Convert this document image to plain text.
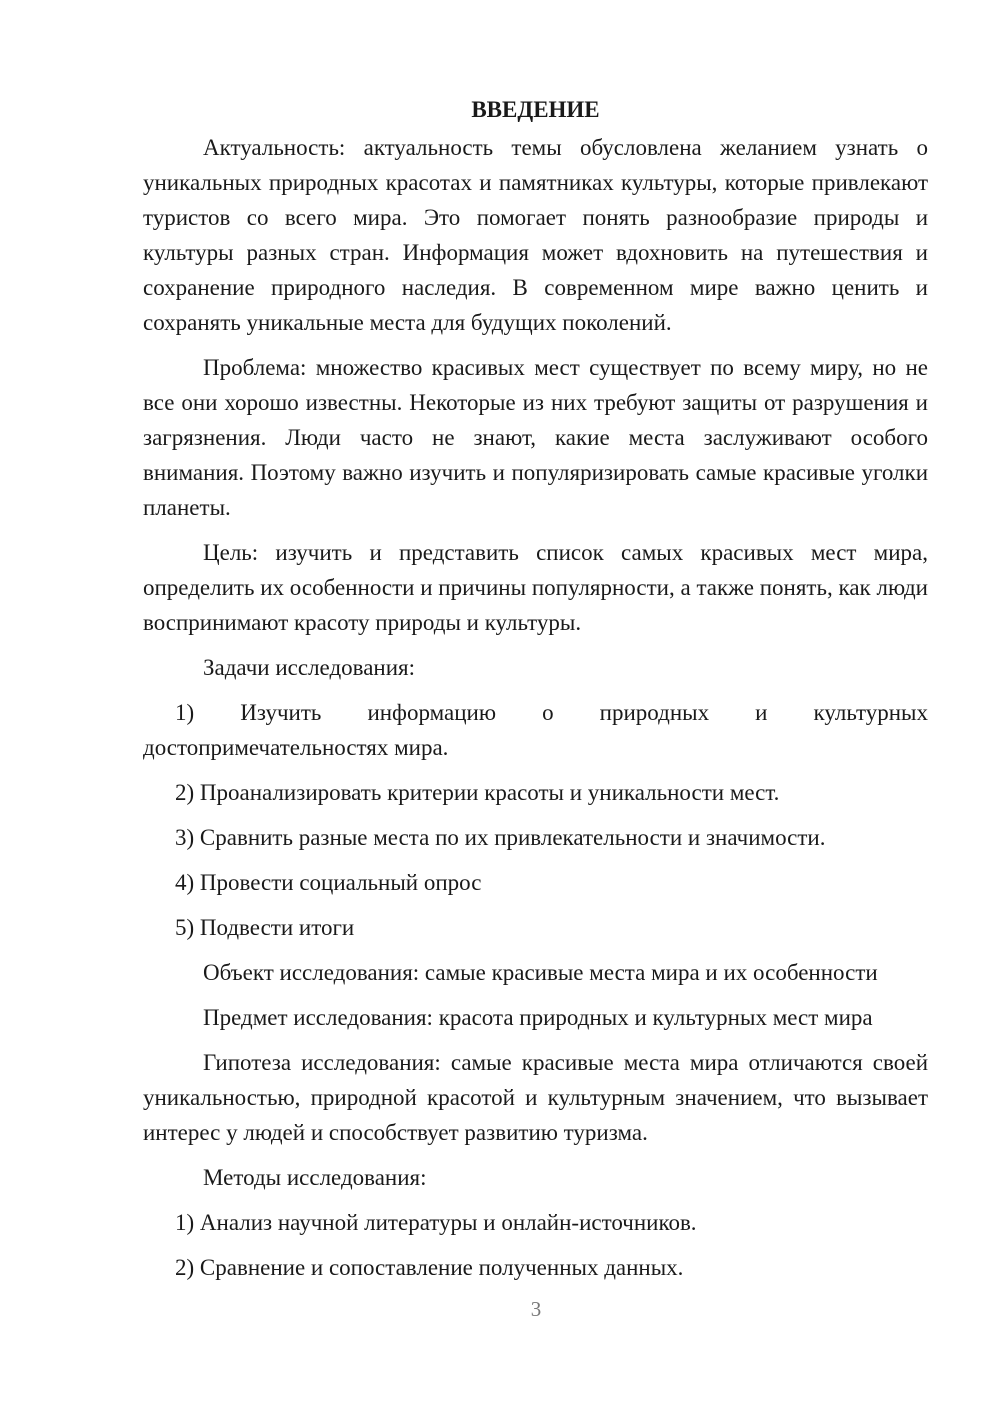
ВВЕДЕНИЕ

Актуальность: актуальность темы обусловлена желанием узнать о уникальных природных красотах и памятниках культуры, которые привлекают туристов со всего мира. Это помогает понять разнообразие природы и культуры разных стран. Информация может вдохновить на путешествия и сохранение природного наследия. В современном мире важно ценить и сохранять уникальные места для будущих поколений.

Проблема: множество красивых мест существует по всему миру, но не все они хорошо известны. Некоторые из них требуют защиты от разрушения и загрязнения. Люди часто не знают, какие места заслуживают особого внимания. Поэтому важно изучить и популяризировать самые красивые уголки планеты.

Цель: изучить и представить список самых красивых мест мира, определить их особенности и причины популярности, а также понять, как люди воспринимают красоту природы и культуры.

Задачи исследования:

1) Изучить информацию о природных и культурных достопримечательностях мира.

2) Проанализировать критерии красоты и уникальности мест.

3) Сравнить разные места по их привлекательности и значимости.

4) Провести социальный опрос

5) Подвести итоги

Объект исследования: самые красивые места мира и их особенности

Предмет исследования: красота природных и культурных мест мира

Гипотеза исследования: самые красивые места мира отличаются своей уникальностью, природной красотой и культурным значением, что вызывает интерес у людей и способствует развитию туризма.

Методы исследования:

1) Анализ научной литературы и онлайн-источников.

2) Сравнение и сопоставление полученных данных.

3
